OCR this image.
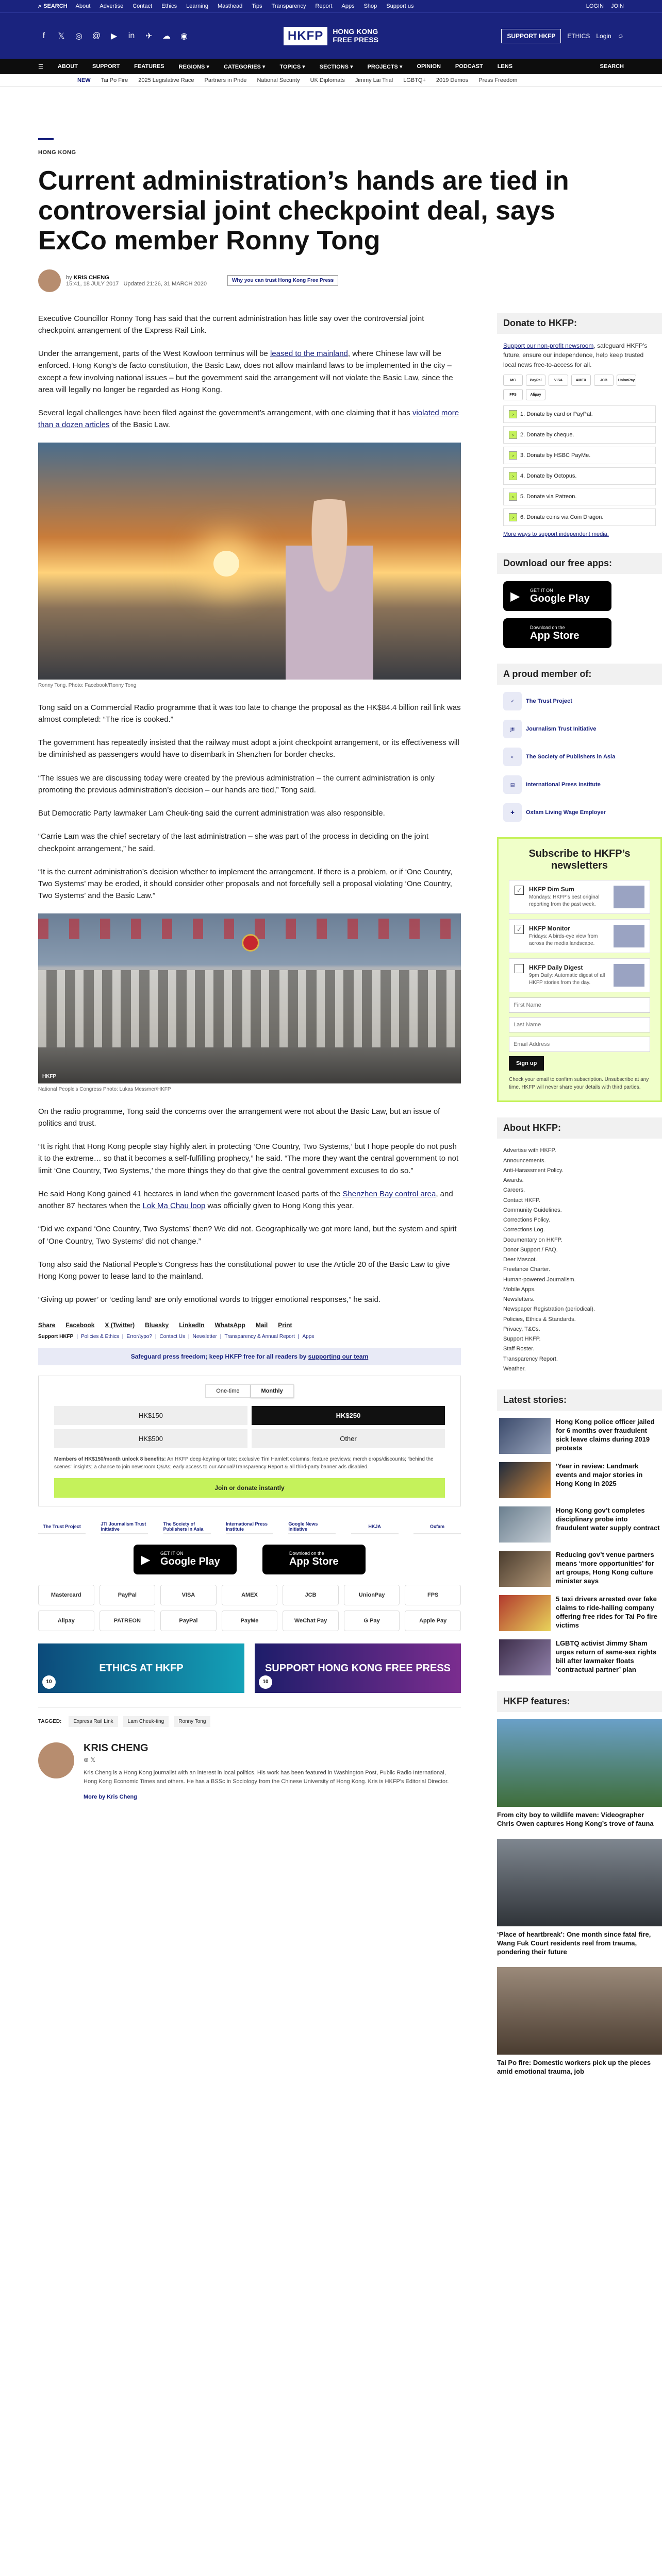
⌕ SEARCH About Advertise Contact Ethics Learning Masthead Tips Transparency Report Apps Shop Support us	LOGIN JOIN
f	𝕏 ◎ @	▶	in ✈ ☁ ◉	HKFP	HONG KONG
FREE PRESS	SUPPORT HKFP	ETHICS Login ☺
☰	ABOUT	SUPPORT	FEATURES	REGIONS ▾	CATEGORIES ▾	TOPICS ▾	SECTIONS ▾	PROJECTS ▾	OPINION	PODCAST	LENS	SEARCH
NEW Tai Po Fire 2025 Legislative Race Partners in Pride National Security UK Diplomats Jimmy Lai Trial LGBTQ+ 2019 Demos Press Freedom
HONG KONG
Current administration’s hands are tied in controversial joint checkpoint deal, says ExCo member Ronny Tong
by KRIS CHENG
15:41, 18 JULY 2017 Updated 21:26, 31 MARCH 2020	Why you can trust Hong Kong Free Press

Executive Councillor Ronny Tong has said that the current administration has little say over the controversial joint checkpoint arrangement of the Express Rail Link.

Under the arrangement, parts of the West Kowloon terminus will be leased to the mainland, where Chinese law will be enforced. Hong Kong’s de facto constitution, the Basic Law, does not allow mainland laws to be implemented in the city – except a few involving national issues – but the government said the arrangement will not violate the Basic Law, since the area will legally no longer be regarded as Hong Kong.

Several legal challenges have been filed against the government’s arrangement, with one claiming that it has violated more than a dozen articles of the Basic Law.

Ronny Tong. Photo: Facebook/Ronny Tong

Tong said on a Commercial Radio programme that it was too late to change the proposal as the HK$84.4 billion rail link was almost completed: “The rice is cooked.”

The government has repeatedly insisted that the railway must adopt a joint checkpoint arrangement, or its effectiveness will be diminished as passengers would have to disembark in Shenzhen for border checks.

“The issues we are discussing today were created by the previous administration – the current administration is only promoting the previous administration’s decision – our hands are tied,” Tong said.

But Democratic Party lawmaker Lam Cheuk-ting said the current administration was also responsible.

“Carrie Lam was the chief secretary of the last administration – she was part of the process in deciding on the joint checkpoint arrangement,” he said.

“It is the current administration’s decision whether to implement the arrangement. If there is a problem, or if ‘One Country, Two Systems’ may be eroded, it should consider other proposals and not forcefully sell a proposal violating ‘One Country, Two Systems’ and the Basic Law.”

HKFP
National People's Congress Photo: Lukas Messmer/HKFP

On the radio programme, Tong said the concerns over the arrangement were not about the Basic Law, but an issue of politics and trust.

“It is right that Hong Kong people stay highly alert in protecting ‘One Country, Two Systems,’ but I hope people do not push it to the extreme… so that it becomes a self-fulfilling prophecy,” he said. “The more they want the central government to not limit ‘One Country, Two Systems,’ the more things they do that give the central government excuses to do so.”

He said Hong Kong gained 41 hectares in land when the government leased parts of the Shenzhen Bay control area, and another 87 hectares when the Lok Ma Chau loop was officially given to Hong Kong this year.

“Did we expand ‘One Country, Two Systems’ then? We did not. Geographically we got more land, but the system and spirit of ‘One Country, Two Systems’ did not change.”

Tong also said the National People’s Congress has the constitutional power to use the Article 20 of the Basic Law to give Hong Kong power to lease land to the mainland.

“Giving up power’ or ‘ceding land’ are only emotional words to trigger emotional responses,” he said.

Share Facebook X (Twitter) Bluesky LinkedIn WhatsApp Mail Print
Support HKFP | Policies & Ethics | Error/typo? | Contact Us | Newsletter | Transparency & Annual Report | Apps
Safeguard press freedom; keep HKFP free for all readers by supporting our team
One-time	Monthly
HK$150	HK$250
HK$500	Other
Members of HK$150/month unlock 8 benefits: An HKFP deep-keyring or tote; exclusive Tim Hamlett columns; feature previews; merch drops/discounts; “behind the scenes” insights; a chance to join newsroom Q&As; early access to our Annual/Transparency Report & all third-party banner ads disabled.
Join or donate instantly
The Trust Project	JTI Journalism Trust Initiative
The Society of Publishers in Asia
International Press Institute
Google News Initiative	HKJA	Oxfam
▶ GET IT ON
Google Play
Download on the
App Store
Mastercard	PayPal	VISA	AMEX	JCB	UnionPay	FPS
Alipay	PATREON	PayPal	PayMe	WeChat Pay	G Pay	Apple Pay
ETHICS AT HKFP
10
SUPPORT HONG KONG FREE PRESS
10
TAGGED:	Express Rail Link	Lam Cheuk-ting	Ronny Tong
KRIS CHENG
⊕ 𝕏

Kris Cheng is a Hong Kong journalist with an interest in local politics. His work has been featured in Washington Post, Public Radio International, Hong Kong Economic Times and others. He has a BSSc in Sociology from the Chinese University of Hong Kong. Kris is HKFP's Editorial Director.

More by Kris Cheng
Donate to HKFP:

Support our non-profit newsroom, safeguard HKFP’s future, ensure our independence, help keep trusted local news free-to-access for all.

MC	PayPal	VISA	AMEX	JCB	UnionPay
FPS	Alipay
›	1. Donate by card or PayPal.
›	2. Donate by cheque.
›	3. Donate by HSBC PayMe.
›	4. Donate by Octopus.
›	5. Donate via Patreon.
›	6. Donate coins via Coin Dragon.
More ways to support independent media.
Download our free apps:
▶ GET IT ON
Google Play
Download on the
App Store
A proud member of:
✓	The Trust Project
jti	Journalism Trust Initiative
◐	The Society of Publishers in Asia
▤	International Press Institute
✚	Oxfam Living Wage Employer
Subscribe to HKFP’s newsletters
✓	HKFP Dim Sum
Mondays: HKFP's best original reporting from the past week.
✓	HKFP Monitor
Fridays: A birds-eye view from across the media landscape.
HKFP Daily Digest
9pm Daily: Automatic digest of all HKFP stories from the day.
First Name Last Name Email Address Sign up
Check your email to confirm subscription. Unsubscribe at any time. HKFP will never share your details with third parties.
About HKFP:
Advertise with HKFP.
Announcements.
Anti-Harassment Policy.
Awards.
Careers.
Contact HKFP.
Community Guidelines.
Corrections Policy.
Corrections Log.
Documentary on HKFP.
Donor Support / FAQ.
Deer Mascot.
Freelance Charter.
Human-powered Journalism.
Mobile Apps.
Newsletters.
Newspaper Registration (periodical).
Policies, Ethics & Standards.
Privacy, T&Cs.
Support HKFP.
Staff Roster.
Transparency Report.
Weather.
Latest stories:
Hong Kong police officer jailed for 6 months over fraudulent sick leave claims during 2019 protests
‘Year in review: Landmark events and major stories in Hong Kong in 2025
Hong Kong gov’t completes disciplinary probe into fraudulent water supply contract
Reducing gov’t venue partners means ‘more opportunities’ for art groups, Hong Kong culture minister says
5 taxi drivers arrested over fake claims to ride-hailing company offering free rides for Tai Po fire victims
LGBTQ activist Jimmy Sham urges return of same-sex rights bill after lawmaker floats ‘contractual partner’ plan
HKFP features:
From city boy to wildlife maven: Videographer Chris Owen captures Hong Kong’s trove of fauna
‘Place of heartbreak’: One month since fatal fire, Wang Fuk Court residents reel from trauma, pondering their future
Tai Po fire: Domestic workers pick up the pieces amid emotional trauma, job
